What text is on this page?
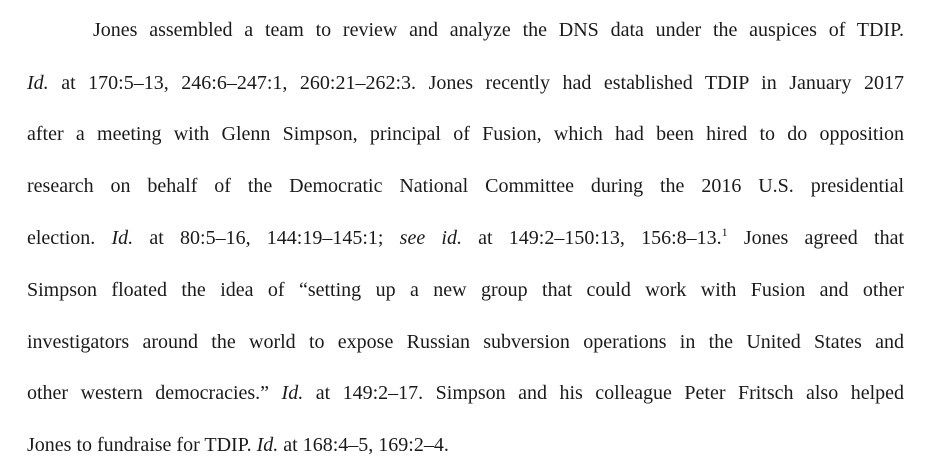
Jones assembled a team to review and analyze the DNS data under the auspices of TDIP.
Id. at 170:5–13, 246:6–247:1, 260:21–262:3. Jones recently had established TDIP in January 2017
after a meeting with Glenn Simpson, principal of Fusion, which had been hired to do opposition
research on behalf of the Democratic National Committee during the 2016 U.S. presidential
election. Id. at 80:5–16, 144:19–145:1; see id. at 149:2–150:13, 156:8–13.$^1$ Jones agreed that
Simpson floated the idea of “setting up a new group that could work with Fusion and other
investigators around the world to expose Russian subversion operations in the United States and
other western democracies.” Id. at 149:2–17. Simpson and his colleague Peter Fritsch also helped
Jones to fundraise for TDIP. Id. at 168:4–5, 169:2–4.
